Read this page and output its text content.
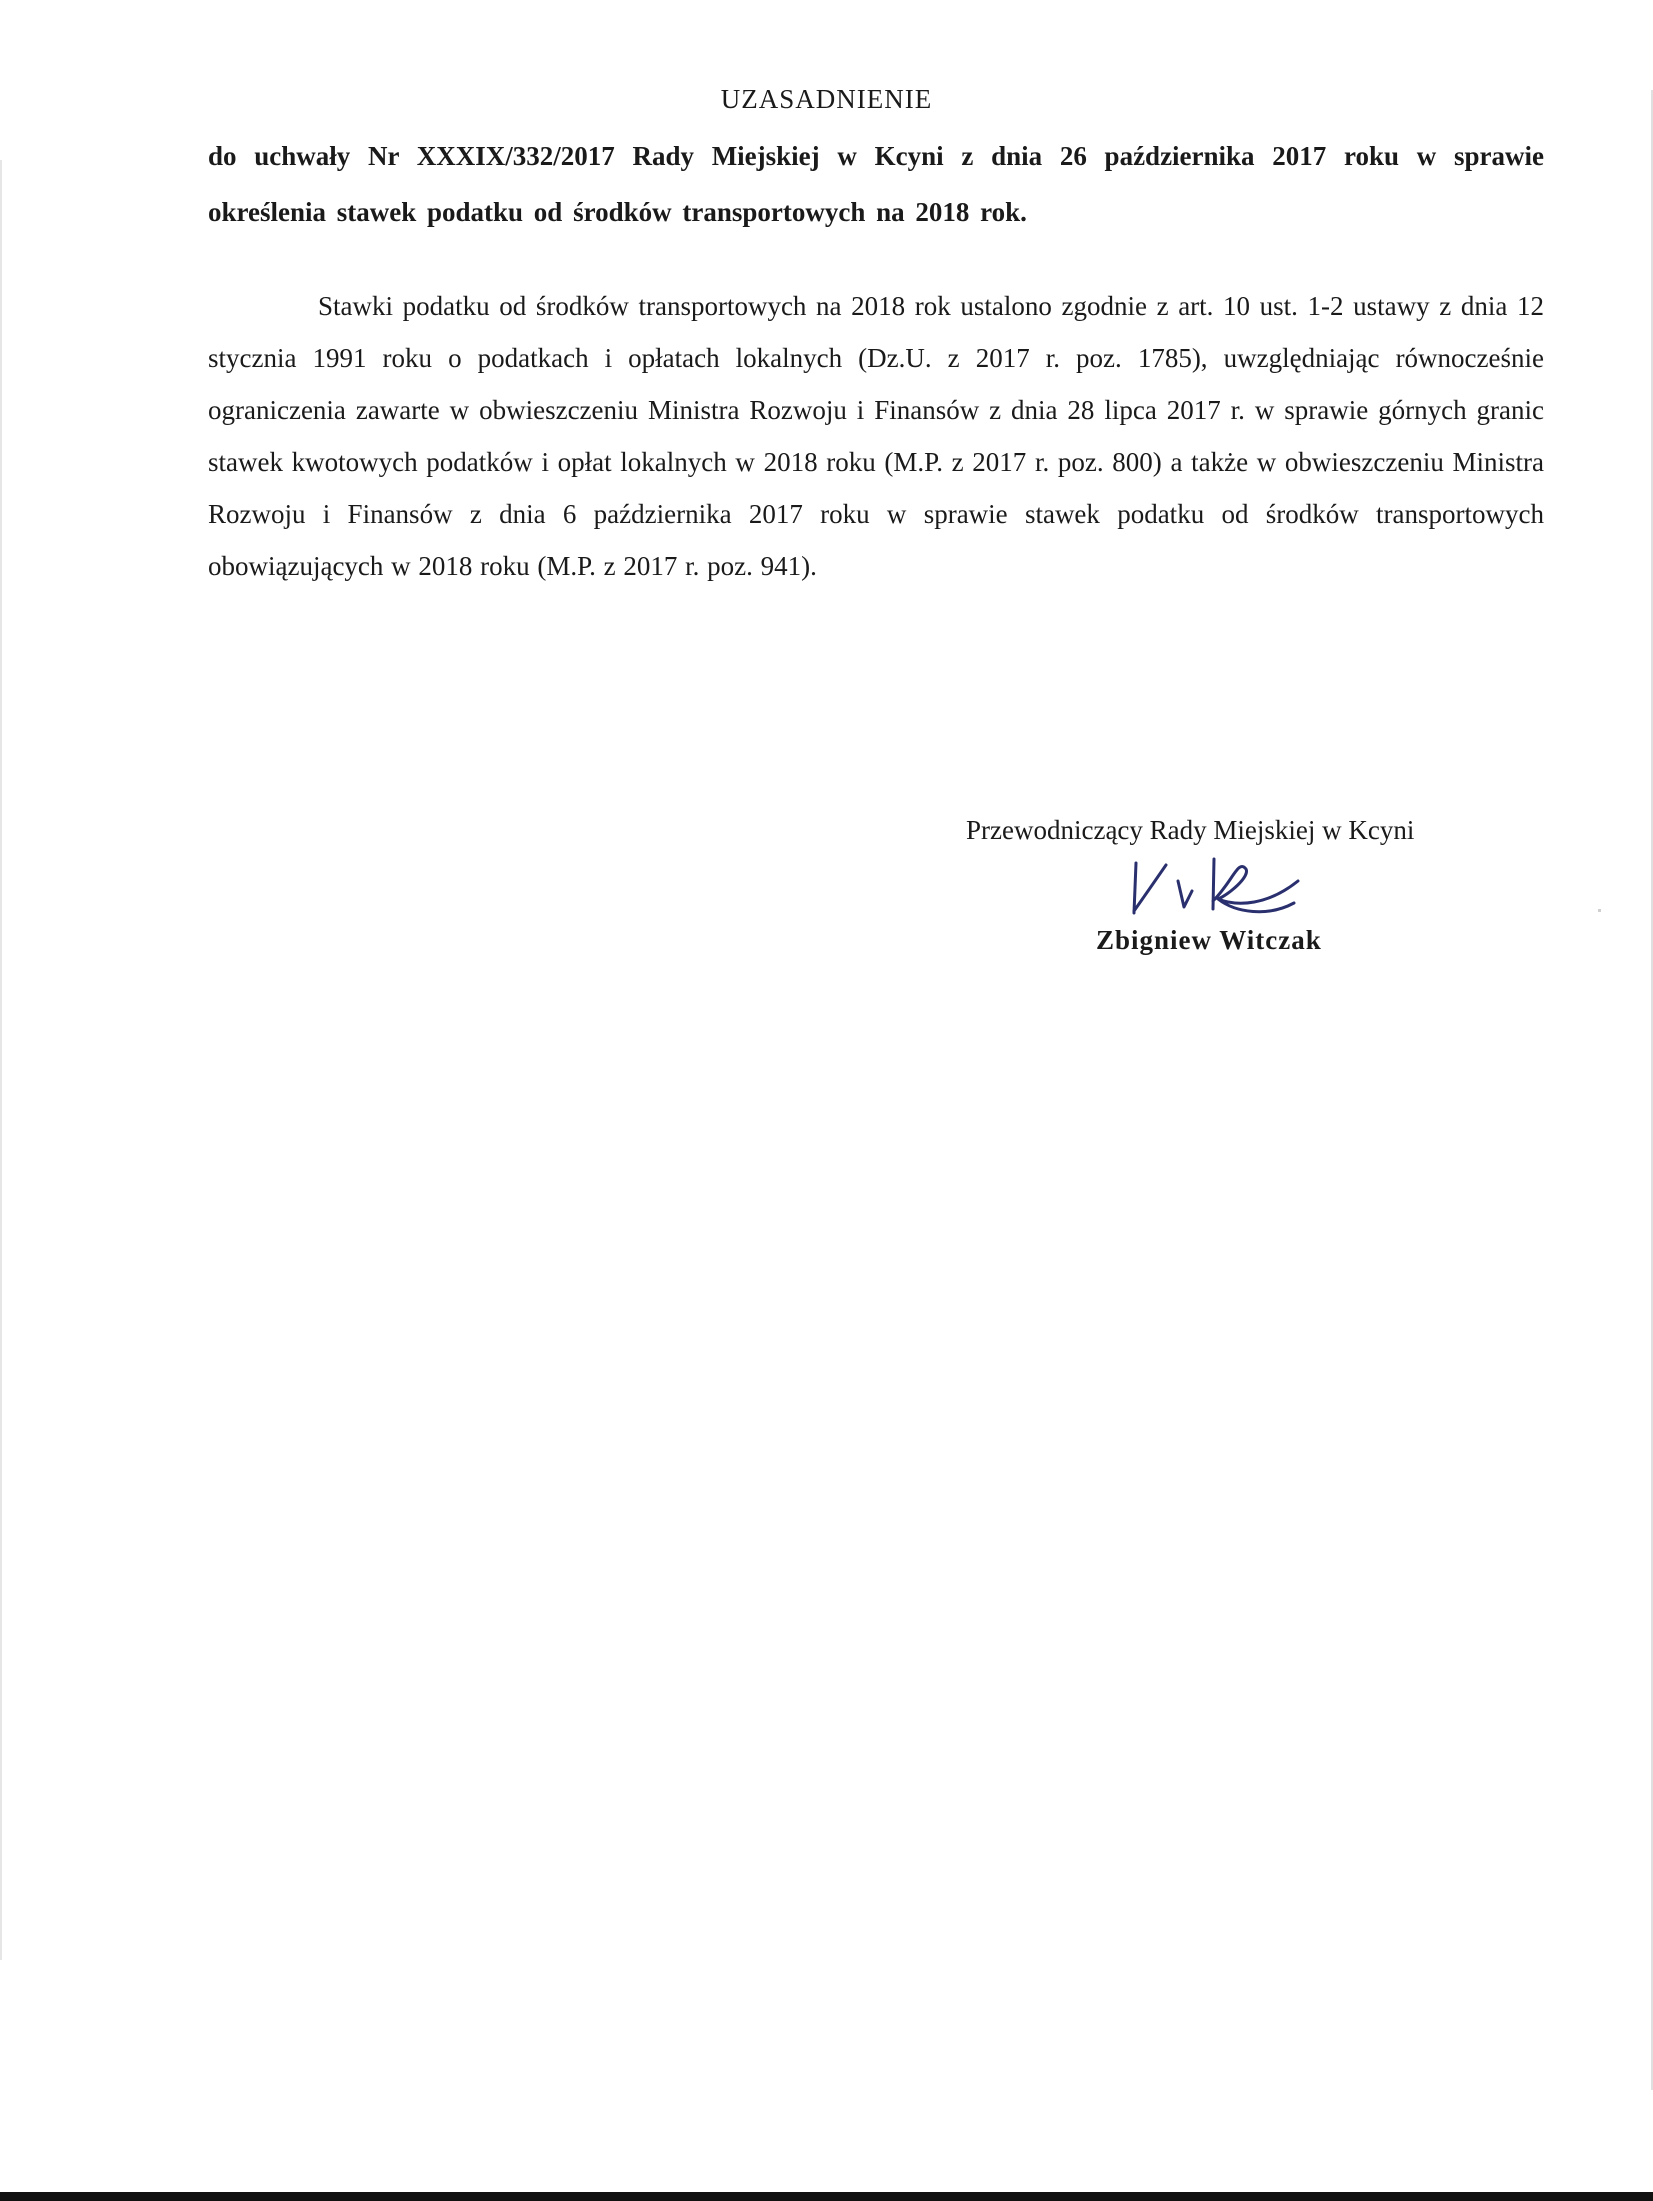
UZASADNIENIE
do uchwały Nr XXXIX/332/2017 Rady Miejskiej w Kcyni z dnia 26 października 2017 roku w sprawie określenia stawek podatku od środków transportowych na 2018 rok.
Stawki podatku od środków transportowych na 2018 rok ustalono zgodnie z art. 10 ust. 1-2 ustawy z dnia 12 stycznia 1991 roku o podatkach i opłatach lokalnych (Dz.U. z 2017 r. poz. 1785), uwzględniając równocześnie ograniczenia zawarte w obwieszczeniu Ministra Rozwoju i Finansów z dnia 28 lipca 2017 r. w sprawie górnych granic stawek kwotowych podatków i opłat lokalnych w 2018 roku (M.P. z 2017 r. poz. 800) a także w obwieszczeniu Ministra Rozwoju i Finansów z dnia 6 października 2017 roku w sprawie stawek podatku od środków transportowych obowiązujących w 2018 roku (M.P. z 2017 r. poz. 941).
Przewodniczący Rady Miejskiej w Kcyni
Zbigniew Witczak
